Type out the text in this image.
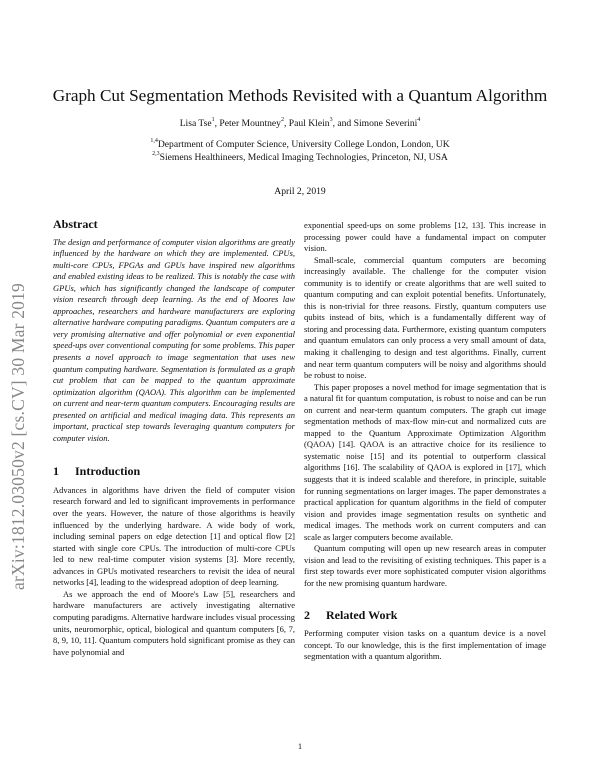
arXiv:1812.03050v2 [cs.CV] 30 Mar 2019
Graph Cut Segmentation Methods Revisited with a Quantum Algorithm
Lisa Tse$^1$, Peter Mountney$^2$, Paul Klein$^3$, and Simone Severini$^4$
$^{1,4}$Department of Computer Science, University College London, London, UK
$^{2,3}$Siemens Healthineers, Medical Imaging Technologies, Princeton, NJ, USA
April 2, 2019
Abstract

The design and performance of computer vision algorithms are greatly influenced by the hardware on which they are implemented. CPUs, multi-core CPUs, FPGAs and GPUs have inspired new algorithms and enabled existing ideas to be realized. This is notably the case with GPUs, which has significantly changed the landscape of computer vision research through deep learning. As the end of Moores law approaches, researchers and hardware manufacturers are exploring alternative hardware computing paradigms. Quantum computers are a very promising alternative and offer polynomial or even exponential speed-ups over conventional computing for some problems. This paper presents a novel approach to image segmentation that uses new quantum computing hardware. Segmentation is formulated as a graph cut problem that can be mapped to the quantum approximate optimization algorithm (QAOA). This algorithm can be implemented on current and near-term quantum computers. Encouraging results are presented on artificial and medical imaging data. This represents an important, practical step towards leveraging quantum computers for computer vision.

1 Introduction

Advances in algorithms have driven the field of computer vision research forward and led to significant improvements in performance over the years. However, the nature of those algorithms is heavily influenced by the underlying hardware. A wide body of work, including seminal papers on edge detection [1] and optical flow [2] started with single core CPUs. The introduction of multi-core CPUs led to new real-time computer vision systems [3]. More recently, advances in GPUs motivated researchers to revisit the idea of neural networks [4], leading to the widespread adoption of deep learning.

As we approach the end of Moore's Law [5], researchers and hardware manufacturers are actively investigating alternative computing paradigms. Alternative hardware includes visual processing units, neuromorphic, optical, biological and quantum computers [6, 7, 8, 9, 10, 11]. Quantum computers hold significant promise as they can have polynomial and

exponential speed-ups on some problems [12, 13]. This increase in processing power could have a fundamental impact on computer vision.

Small-scale, commercial quantum computers are becoming increasingly available. The challenge for the computer vision community is to identify or create algorithms that are well suited to quantum computing and can exploit potential benefits. Unfortunately, this is non-trivial for three reasons. Firstly, quantum computers use qubits instead of bits, which is a fundamentally different way of storing and processing data. Furthermore, existing quantum computers and quantum emulators can only process a very small amount of data, making it challenging to design and test algorithms. Finally, current and near term quantum computers will be noisy and algorithms should be robust to noise.

This paper proposes a novel method for image segmentation that is a natural fit for quantum computation, is robust to noise and can be run on current and near-term quantum computers. The graph cut image segmentation methods of max-flow min-cut and normalized cuts are mapped to the Quantum Approximate Optimization Algorithm (QAOA) [14]. QAOA is an attractive choice for its resilience to systematic noise [15] and its potential to outperform classical algorithms [16]. The scalability of QAOA is explored in [17], which suggests that it is indeed scalable and therefore, in principle, suitable for running segmentations on larger images. The paper demonstrates a practical application for quantum algorithms in the field of computer vision and provides image segmentation results on synthetic and medical images. The methods work on current computers and can scale as larger computers become available.

Quantum computing will open up new research areas in computer vision and lead to the revisiting of existing techniques. This paper is a first step towards ever more sophisticated computer vision algorithms for the new promising quantum hardware.

2 Related Work

Performing computer vision tasks on a quantum device is a novel concept. To our knowledge, this is the first implementation of image segmentation with a quantum algorithm.

1
